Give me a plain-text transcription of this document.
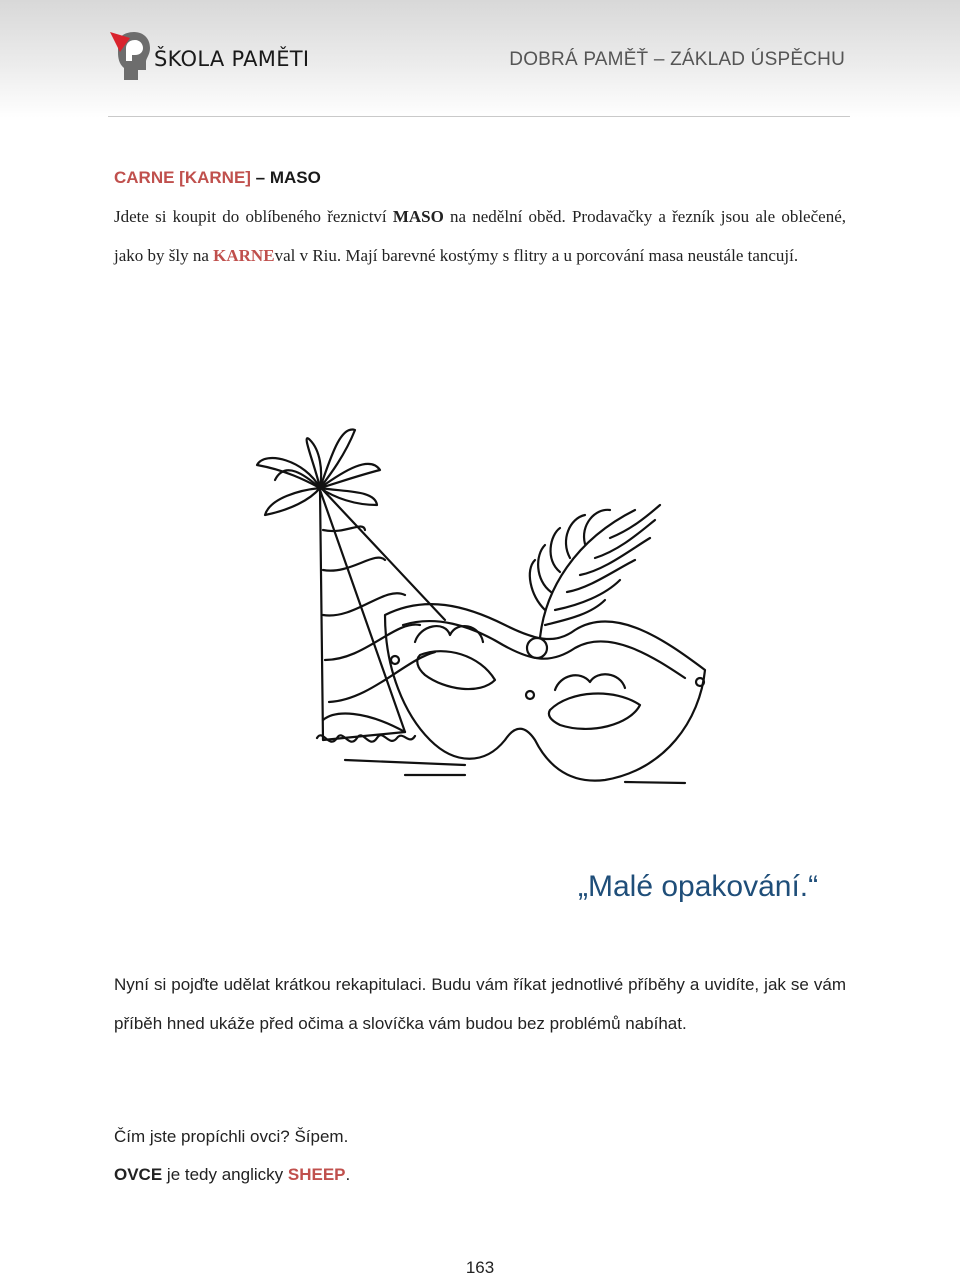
ŠKOLA PAMĚTI	DOBRÁ PAMĚŤ – ZÁKLAD ÚSPĚCHU
CARNE [KARNE] – MASO
Jdete si koupit do oblíbeného řeznictví MASO na nedělní oběd. Prodavačky a řezník jsou ale oblečené, jako by šly na KARNEval v Riu. Mají barevné kostýmy s flitry a u porcování masa neustále tancují.
„Malé opakování.“
Nyní si pojďte udělat krátkou rekapitulaci. Budu vám říkat jednotlivé příběhy a uvidíte, jak se vám příběh hned ukáže před očima a slovíčka vám budou bez problémů nabíhat.
Čím jste propíchli ovci? Šípem.
OVCE je tedy anglicky SHEEP.
163
